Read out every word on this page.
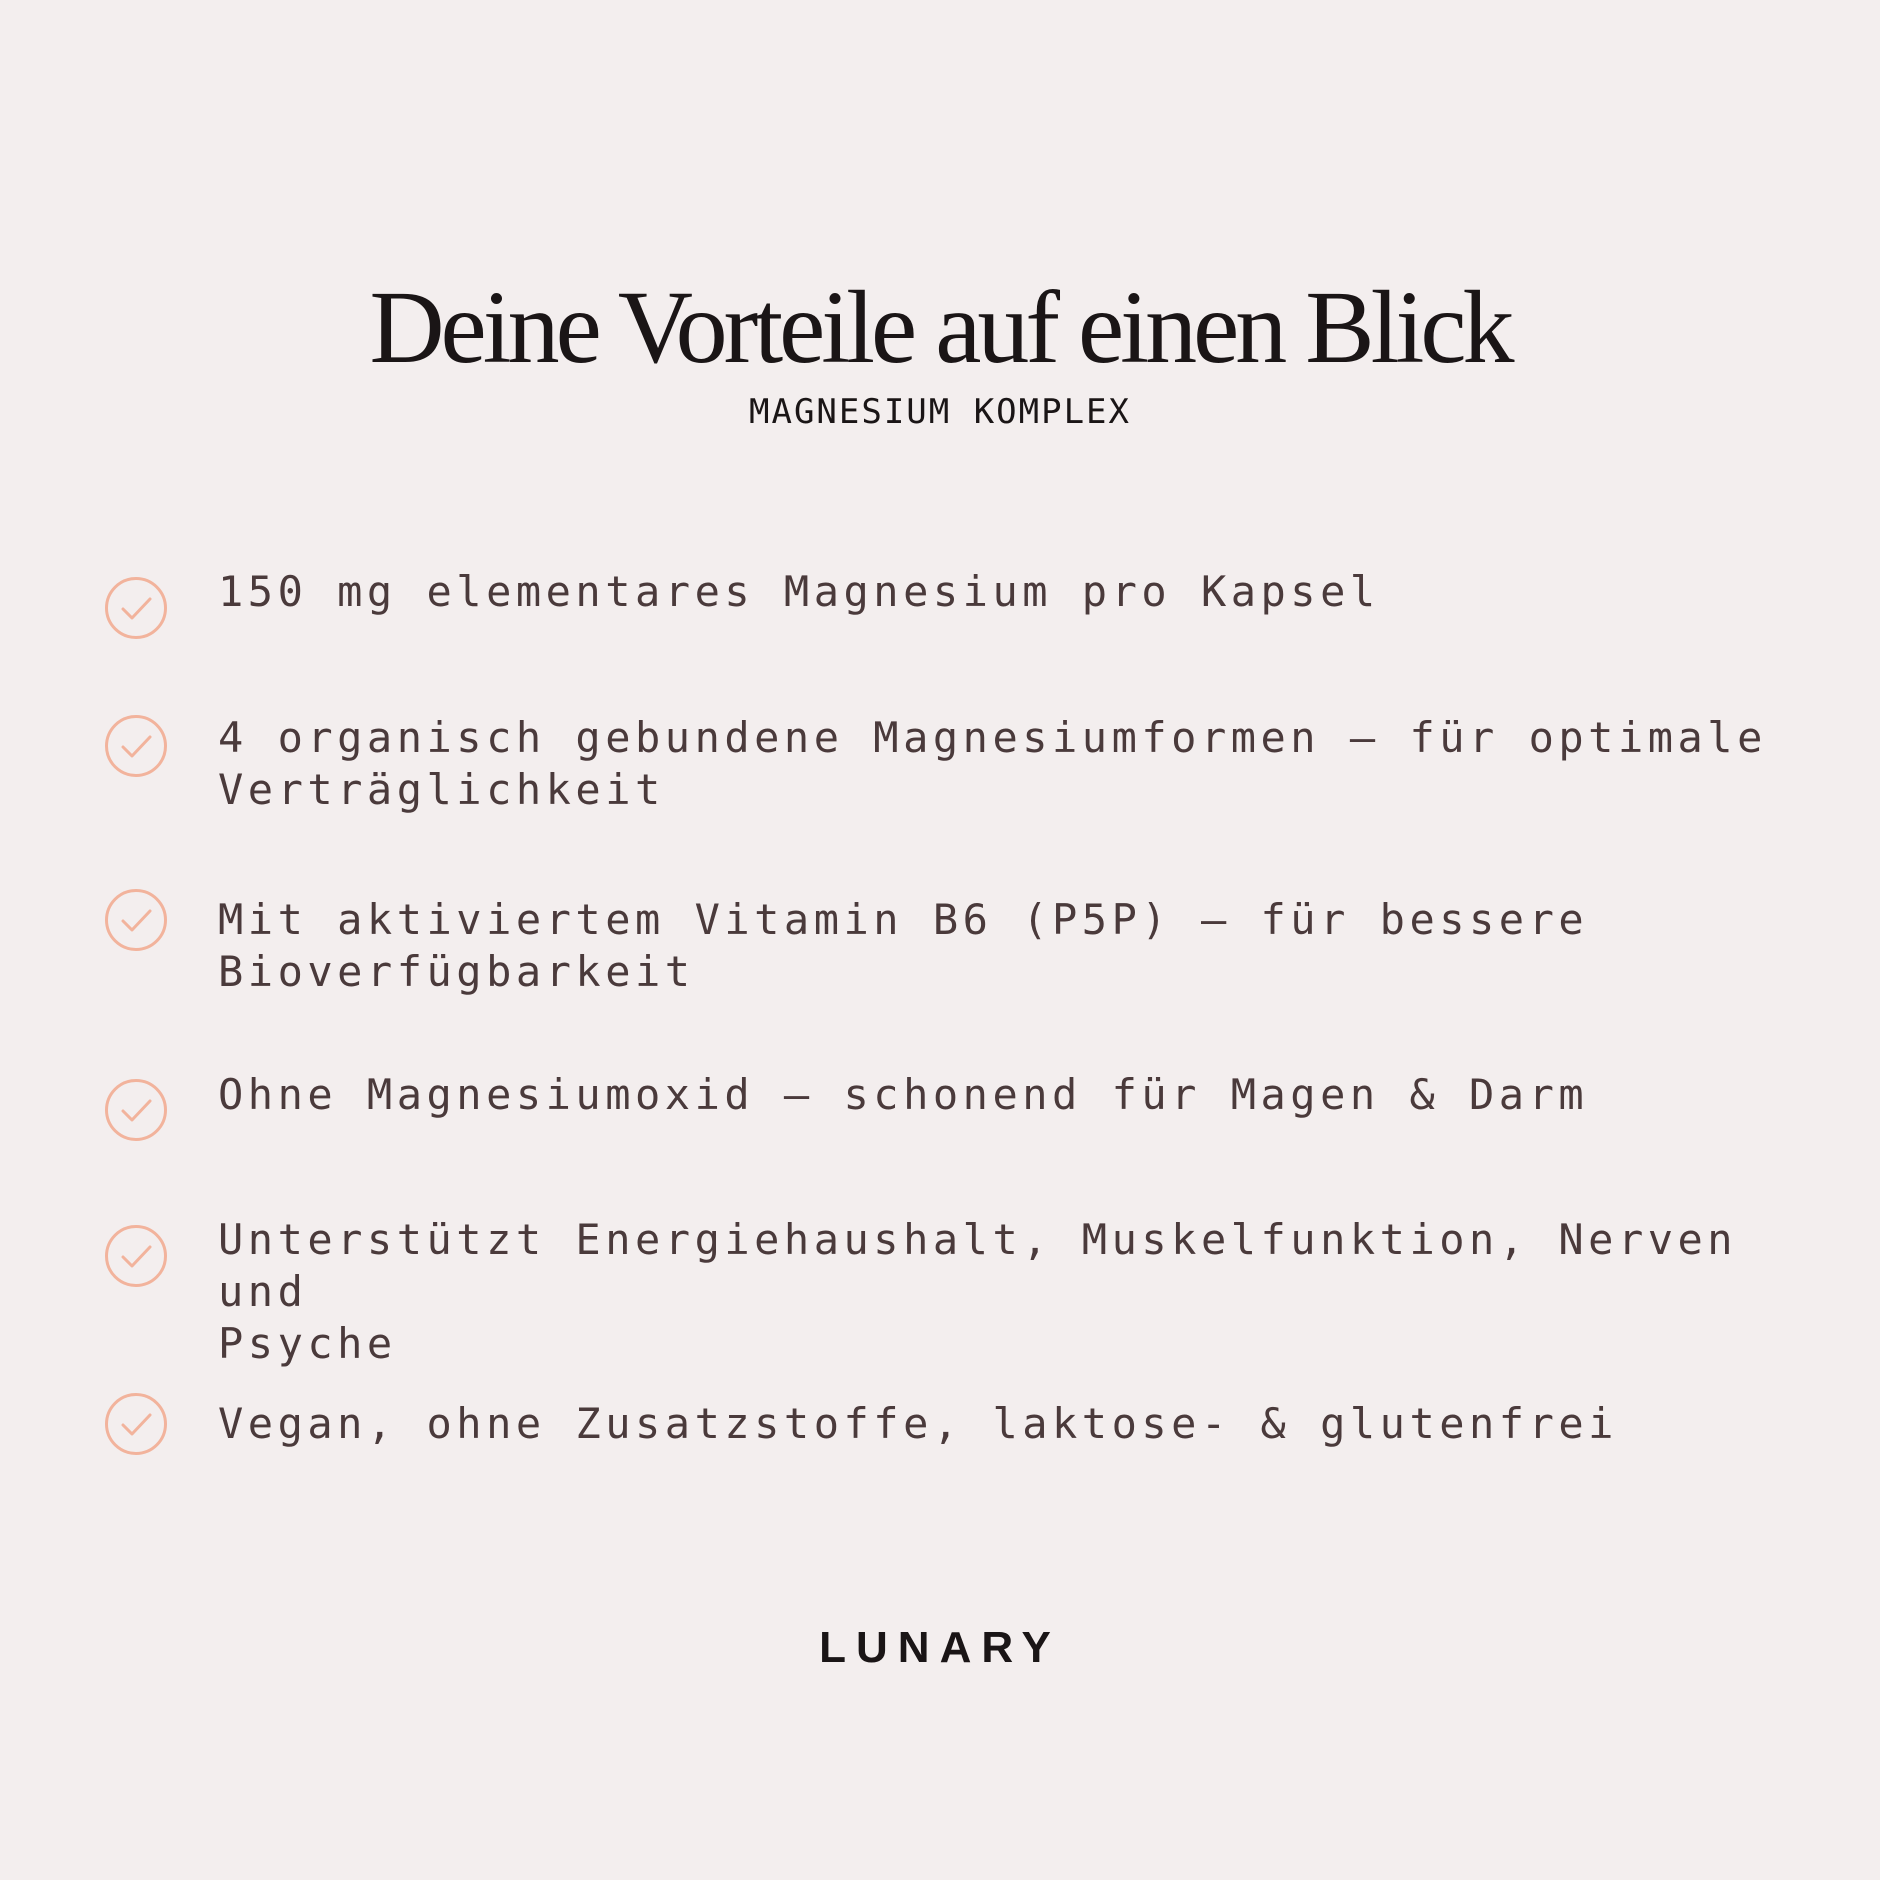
Deine Vorteile auf einen Blick
MAGNESIUM KOMPLEX
150 mg elementares Magnesium pro Kapsel
4 organisch gebundene Magnesiumformen – für optimale
Verträglichkeit
Mit aktiviertem Vitamin B6 (P5P) – für bessere
Bioverfügbarkeit
Ohne Magnesiumoxid – schonend für Magen & Darm
Unterstützt Energiehaushalt, Muskelfunktion, Nerven und
Psyche
Vegan, ohne Zusatzstoffe, laktose- & glutenfrei
LUNARY
